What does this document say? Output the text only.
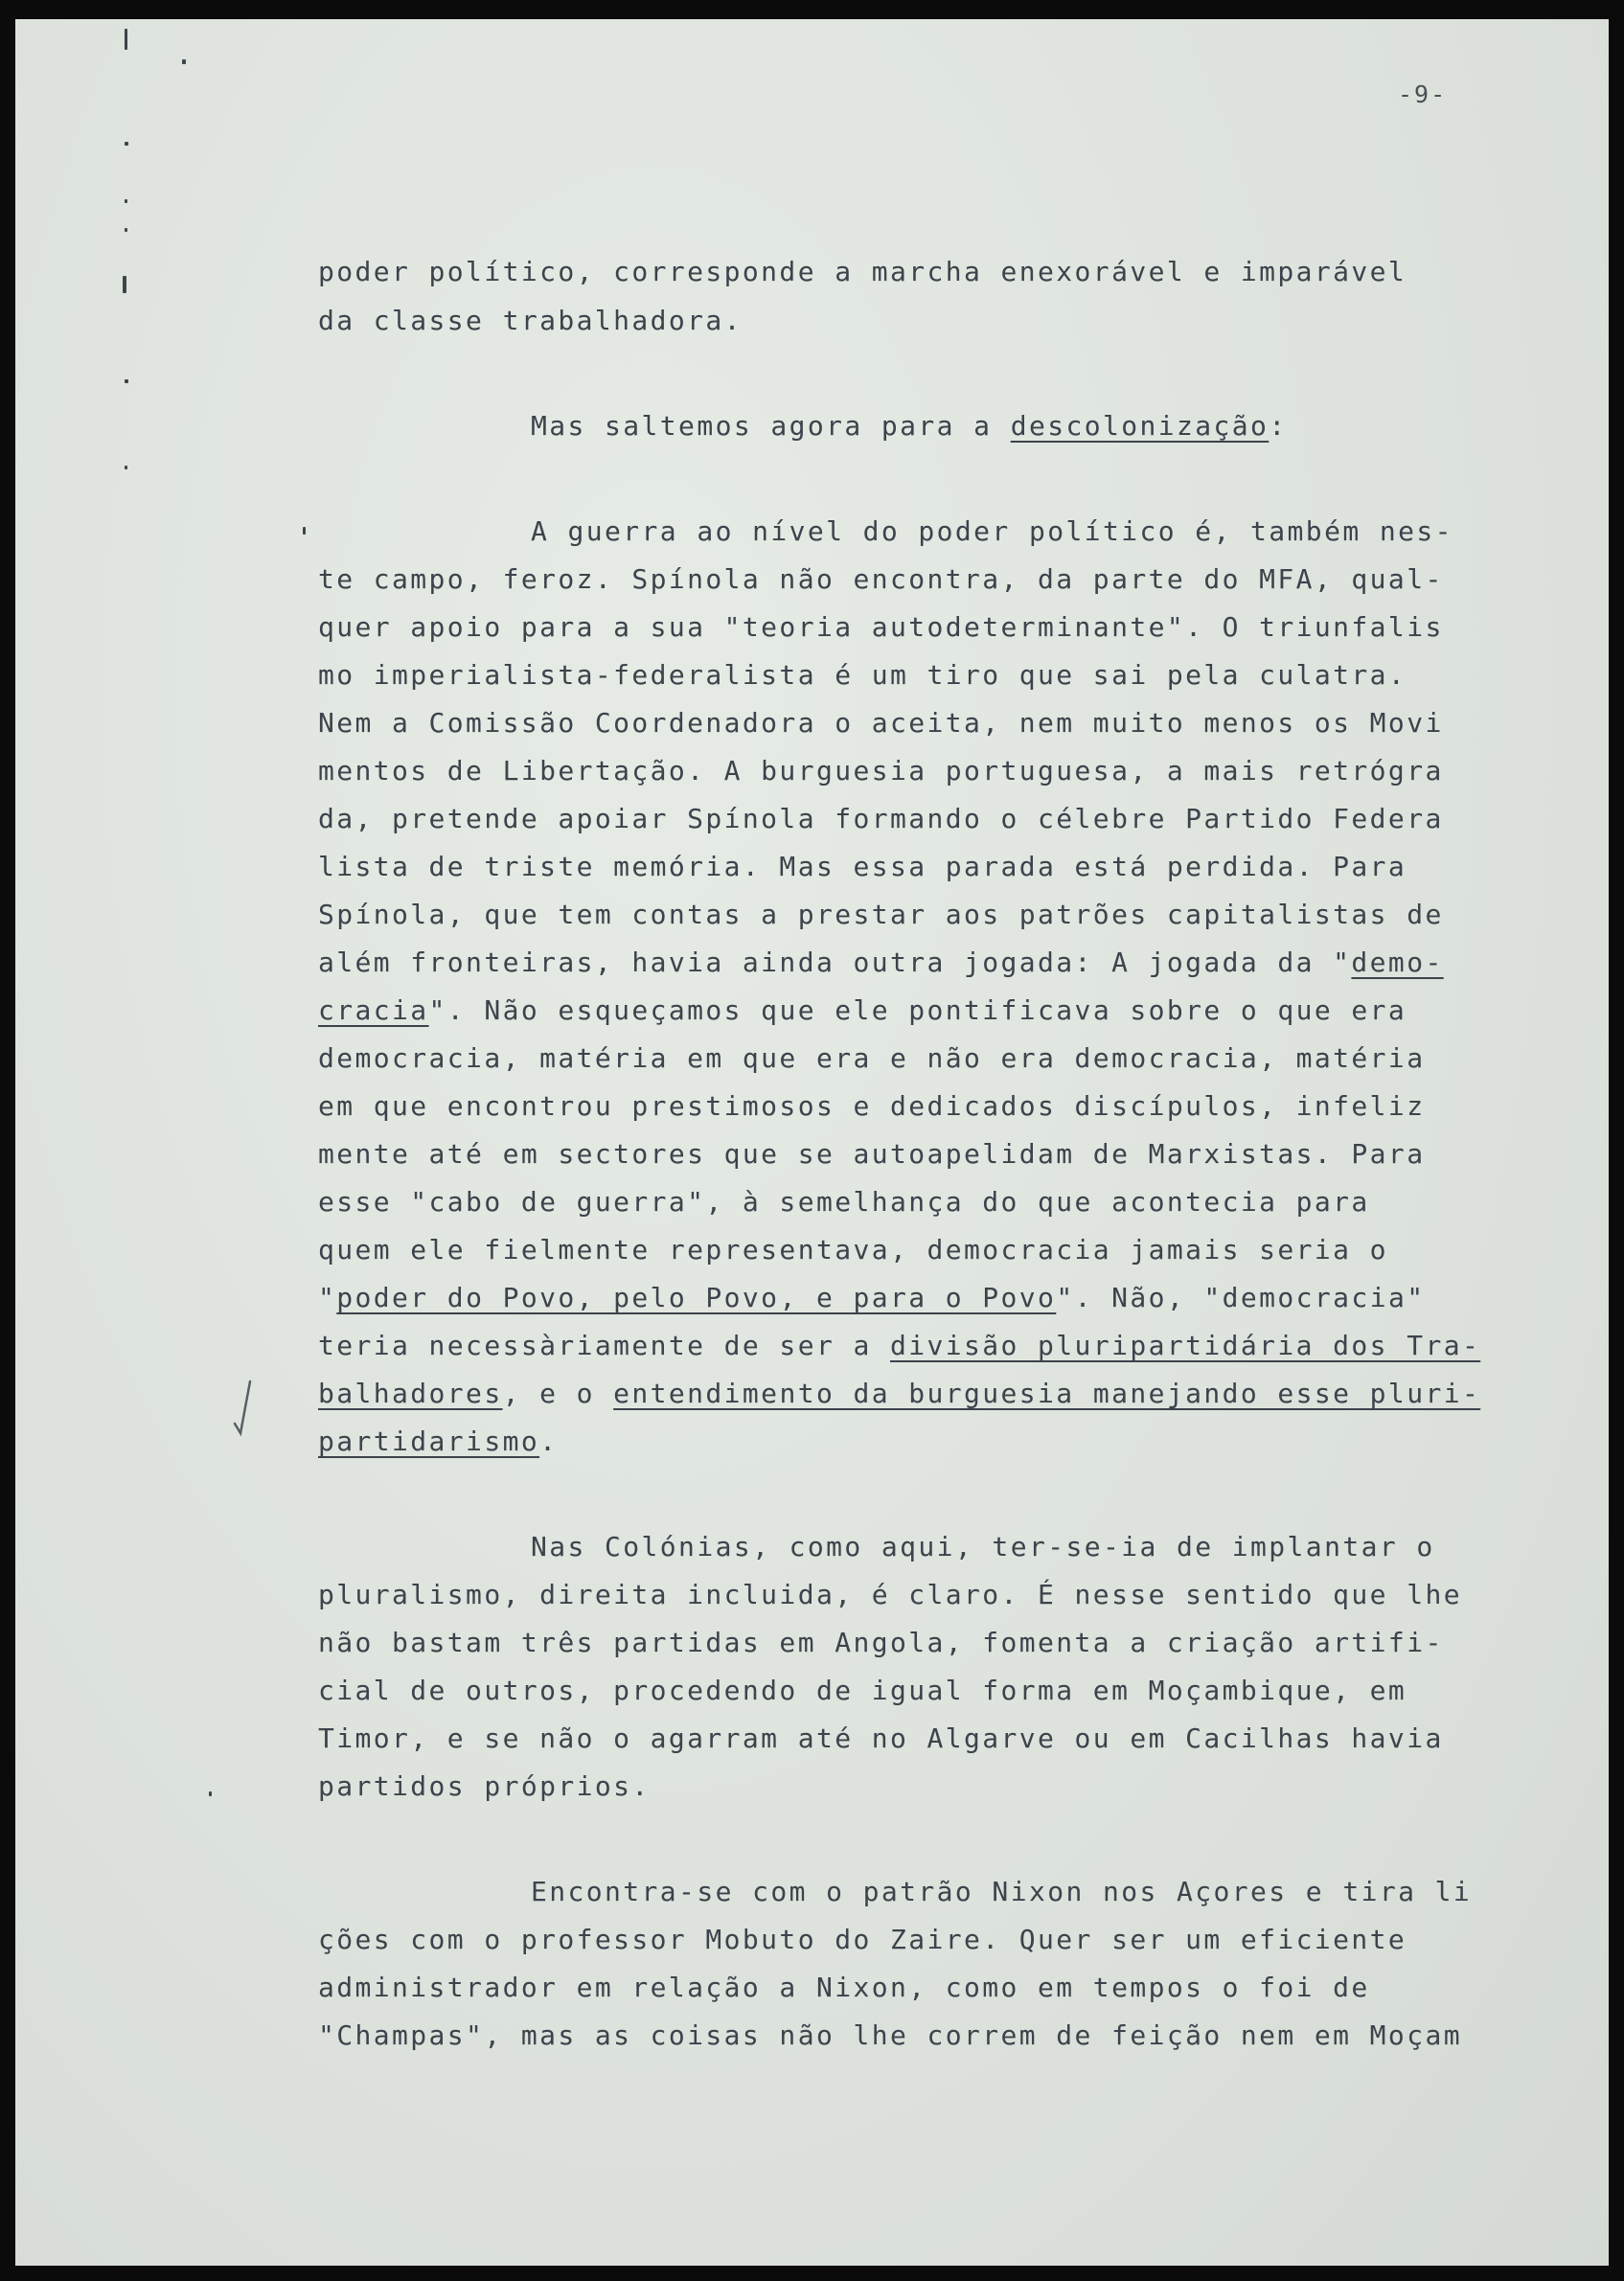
-9-
poder político, corresponde a marcha enexorável e imparável
da classe trabalhadora.
Mas saltemos agora para a descolonização:
A guerra ao nível do poder político é, também nes-
te campo, feroz. Spínola não encontra, da parte do MFA, qual-
quer apoio para a sua "teoria autodeterminante". O triunfalis
mo imperialista-federalista é um tiro que sai pela culatra.
Nem a Comissão Coordenadora o aceita, nem muito menos os Movi
mentos de Libertação. A burguesia portuguesa, a mais retrógra
da, pretende apoiar Spínola formando o célebre Partido Federa
lista de triste memória. Mas essa parada está perdida. Para
Spínola, que tem contas a prestar aos patrões capitalistas de
além fronteiras, havia ainda outra jogada: A jogada da "demo-
cracia". Não esqueçamos que ele pontificava sobre o que era
democracia, matéria em que era e não era democracia, matéria
em que encontrou prestimosos e dedicados discípulos, infeliz
mente até em sectores que se autoapelidam de Marxistas. Para
esse "cabo de guerra", à semelhança do que acontecia para
quem ele fielmente representava, democracia jamais seria o
"poder do Povo, pelo Povo, e para o Povo". Não, "democracia"
teria necessàriamente de ser a divisão pluripartidária dos Tra-
balhadores, e o entendimento da burguesia manejando esse pluri-
partidarismo.
Nas Colónias, como aqui, ter-se-ia de implantar o
pluralismo, direita incluida, é claro. É nesse sentido que lhe
não bastam três partidas em Angola, fomenta a criação artifi-
cial de outros, procedendo de igual forma em Moçambique, em
Timor, e se não o agarram até no Algarve ou em Cacilhas havia
partidos próprios.
Encontra-se com o patrão Nixon nos Açores e tira li
ções com o professor Mobuto do Zaire. Quer ser um eficiente
administrador em relação a Nixon, como em tempos o foi de
"Champas", mas as coisas não lhe correm de feição nem em Moçam
